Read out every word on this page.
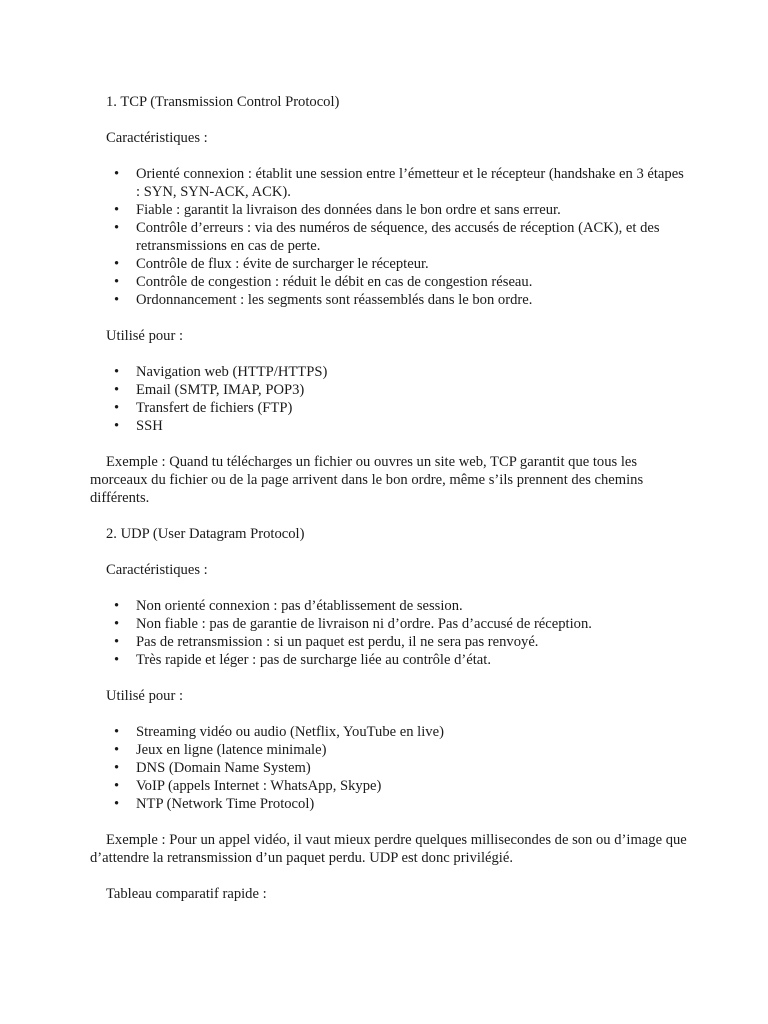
1. TCP (Transmission Control Protocol)

Caractéristiques :

• Orienté connexion : établit une session entre l’émetteur et le récepteur (handshake en 3 étapes : SYN, SYN-ACK, ACK).
• Fiable : garantit la livraison des données dans le bon ordre et sans erreur.
• Contrôle d’erreurs : via des numéros de séquence, des accusés de réception (ACK), et des retransmissions en cas de perte.
• Contrôle de flux : évite de surcharger le récepteur.
• Contrôle de congestion : réduit le débit en cas de congestion réseau.
• Ordonnancement : les segments sont réassemblés dans le bon ordre.

Utilisé pour :

• Navigation web (HTTP/HTTPS)
• Email (SMTP, IMAP, POP3)
• Transfert de fichiers (FTP)
• SSH

Exemple : Quand tu télécharges un fichier ou ouvres un site web, TCP garantit que tous les morceaux du fichier ou de la page arrivent dans le bon ordre, même s’ils prennent des chemins différents.

2. UDP (User Datagram Protocol)

Caractéristiques :

• Non orienté connexion : pas d’établissement de session.
• Non fiable : pas de garantie de livraison ni d’ordre. Pas d’accusé de réception.
• Pas de retransmission : si un paquet est perdu, il ne sera pas renvoyé.
• Très rapide et léger : pas de surcharge liée au contrôle d’état.

Utilisé pour :

• Streaming vidéo ou audio (Netflix, YouTube en live)
• Jeux en ligne (latence minimale)
• DNS (Domain Name System)
• VoIP (appels Internet : WhatsApp, Skype)
• NTP (Network Time Protocol)

Exemple : Pour un appel vidéo, il vaut mieux perdre quelques millisecondes de son ou d’image que d’attendre la retransmission d’un paquet perdu. UDP est donc privilégié.

Tableau comparatif rapide :
